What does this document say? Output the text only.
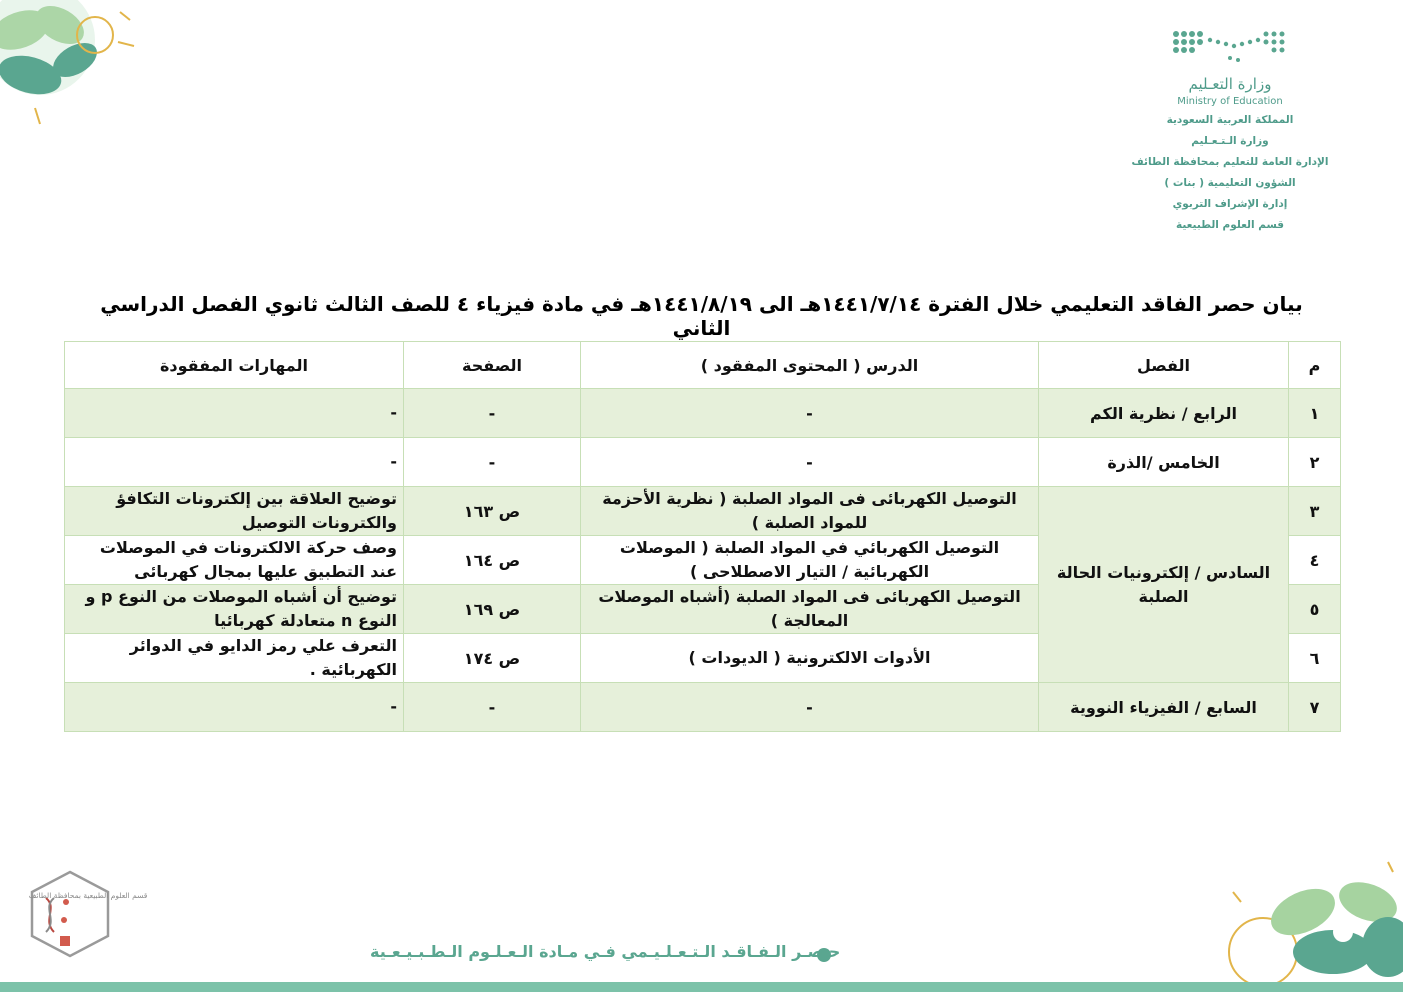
وزارة التعـليم
Ministry of Education
المملكة العربية السعودية
وزارة الـتـعـليم
الإدارة العامة للتعليم بمحافظة الطائف
الشؤون التعليمية ( بنات )
إدارة الإشراف التربوي
قسم العلوم الطبيعية
بيان حصر الفاقد التعليمي خلال الفترة ١٤٤١/٧/١٤هـ الى ١٤٤١/٨/١٩هـ في مادة فيزياء ٤ للصف الثالث ثانوي الفصل الدراسي الثاني
م	الفصل	الدرس ( المحتوى المفقود )	الصفحة	المهارات المفقودة
١	الرابع / نظرية الكم	-	-	-
٢	الخامس /الذرة	-	-	-
٣	السادس / إلكترونيات الحالة الصلبة	التوصيل الكهربائى فى المواد الصلبة ( نظرية الأحزمة للمواد الصلبة )	ص ١٦٣	توضيح العلاقة بين إلكترونات التكافؤ والكترونات التوصيل
٤		التوصيل الكهربائي في المواد الصلبة ( الموصلات الكهربائية / التيار الاصطلاحى )	ص ١٦٤	وصف حركة الالكترونات في الموصلات عند التطبيق عليها بمجال كهربائى
٥		التوصيل الكهربائى فى المواد الصلبة (أشباه الموصلات المعالجة )	ص ١٦٩	توضيح أن أشباه الموصلات من النوع p و النوع n متعادلة كهربائيا
٦		الأدوات الالكترونية ( الديودات )	ص ١٧٤	التعرف علي رمز الدايو في الدوائر الكهربائية .
٧	السابع / الفيزياء النووية	-	-	-
قسم العلوم الطبيعية بمحافظة الطائف
حـصـر الـفـاقـد الـتـعـلـيـمي فـي مـادة الـعـلـوم الـطـبـيـعـية
